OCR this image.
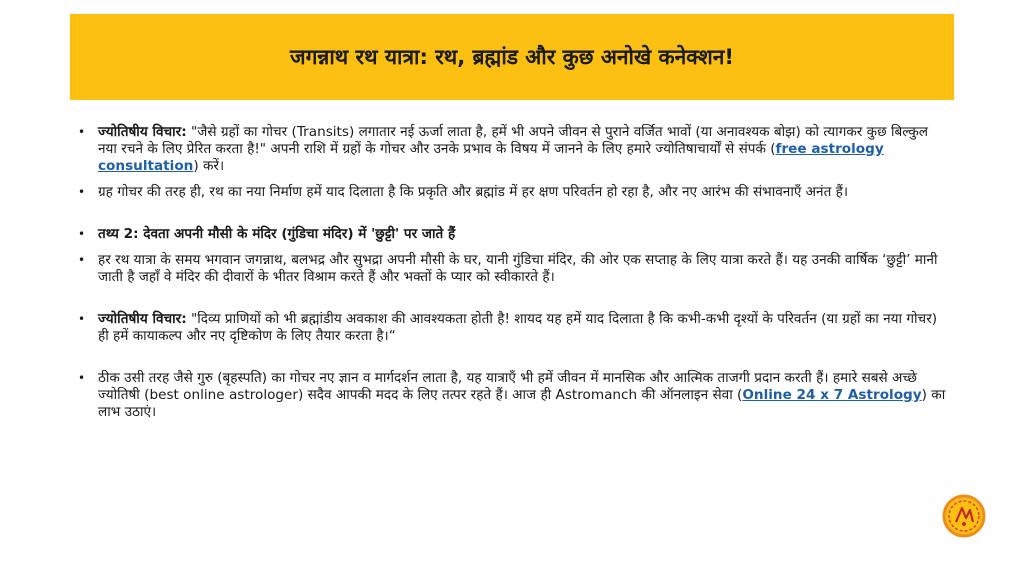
जगन्नाथ रथ यात्रा: रथ, ब्रह्मांड और कुछ अनोखे कनेक्शन!
• ज्योतिषीय विचार: "जैसे ग्रहों का गोचर (Transits) लगातार नई ऊर्जा लाता है, हमें भी अपने जीवन से पुराने वर्जित भावों (या अनावश्यक बोझ) को त्यागकर कुछ बिल्कुल नया रचने के लिए प्रेरित करता है!" अपनी राशि में ग्रहों के गोचर और उनके प्रभाव के विषय में जानने के लिए हमारे ज्योतिषाचार्यों से संपर्क (free astrology consultation) करें।
• ग्रह गोचर की तरह ही, रथ का नया निर्माण हमें याद दिलाता है कि प्रकृति और ब्रह्मांड में हर क्षण परिवर्तन हो रहा है, और नए आरंभ की संभावनाएँ अनंत हैं।
• तथ्य 2: देवता अपनी मौसी के मंदिर (गुंडिचा मंदिर) में 'छुट्टी' पर जाते हैं
• हर रथ यात्रा के समय भगवान जगन्नाथ, बलभद्र और सुभद्रा अपनी मौसी के घर, यानी गुंडिचा मंदिर, की ओर एक सप्ताह के लिए यात्रा करते हैं। यह उनकी वार्षिक ‘छुट्टी’ मानी जाती है जहाँ वे मंदिर की दीवारों के भीतर विश्राम करते हैं और भक्तों के प्यार को स्वीकारते हैं।
• ज्योतिषीय विचार: "दिव्य प्राणियों को भी ब्रह्मांडीय अवकाश की आवश्यकता होती है! शायद यह हमें याद दिलाता है कि कभी-कभी दृश्यों के परिवर्तन (या ग्रहों का नया गोचर) ही हमें कायाकल्प और नए दृष्टिकोण के लिए तैयार करता है।“
• ठीक उसी तरह जैसे गुरु (बृहस्पति) का गोचर नए ज्ञान व मार्गदर्शन लाता है, यह यात्राएँ भी हमें जीवन में मानसिक और आत्मिक ताजगी प्रदान करती हैं। हमारे सबसे अच्छे ज्योतिषी (best online astrologer) सदैव आपकी मदद के लिए तत्पर रहते हैं। आज ही Astromanch की ऑनलाइन सेवा (Online 24 x 7 Astrology) का लाभ उठाएं।
